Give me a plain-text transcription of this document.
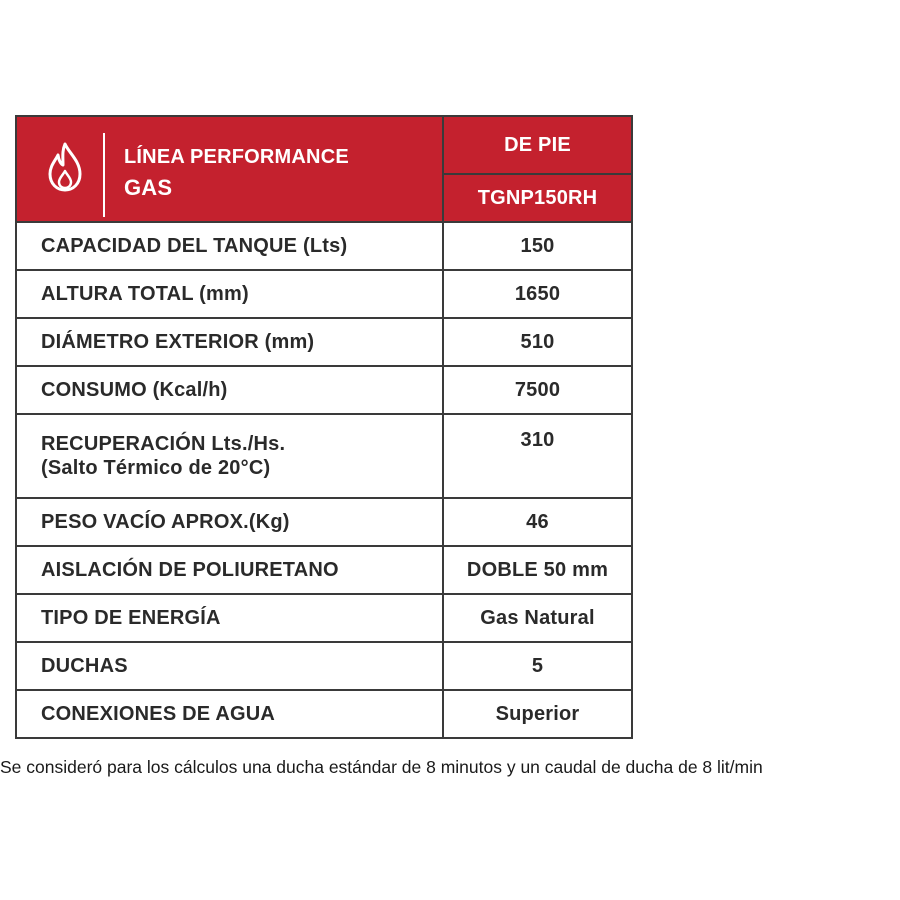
LÍNEA PERFORMANCE
GAS	DE PIE
	TGNP150RH
CAPACIDAD DEL TANQUE (Lts)	150
ALTURA TOTAL (mm)	1650
DIÁMETRO EXTERIOR (mm)	510
CONSUMO (Kcal/h)	7500

RECUPERACIÓN Lts./Hs.
(Salto Térmico de 20°C)	310
PESO VACÍO APROX.(Kg)	46
AISLACIÓN DE POLIURETANO	DOBLE 50 mm
TIPO DE ENERGÍA	Gas Natural
DUCHAS	5
CONEXIONES DE AGUA	Superior
Se consideró para los cálculos una ducha estándar de 8 minutos y un caudal de ducha de 8 lit/min
